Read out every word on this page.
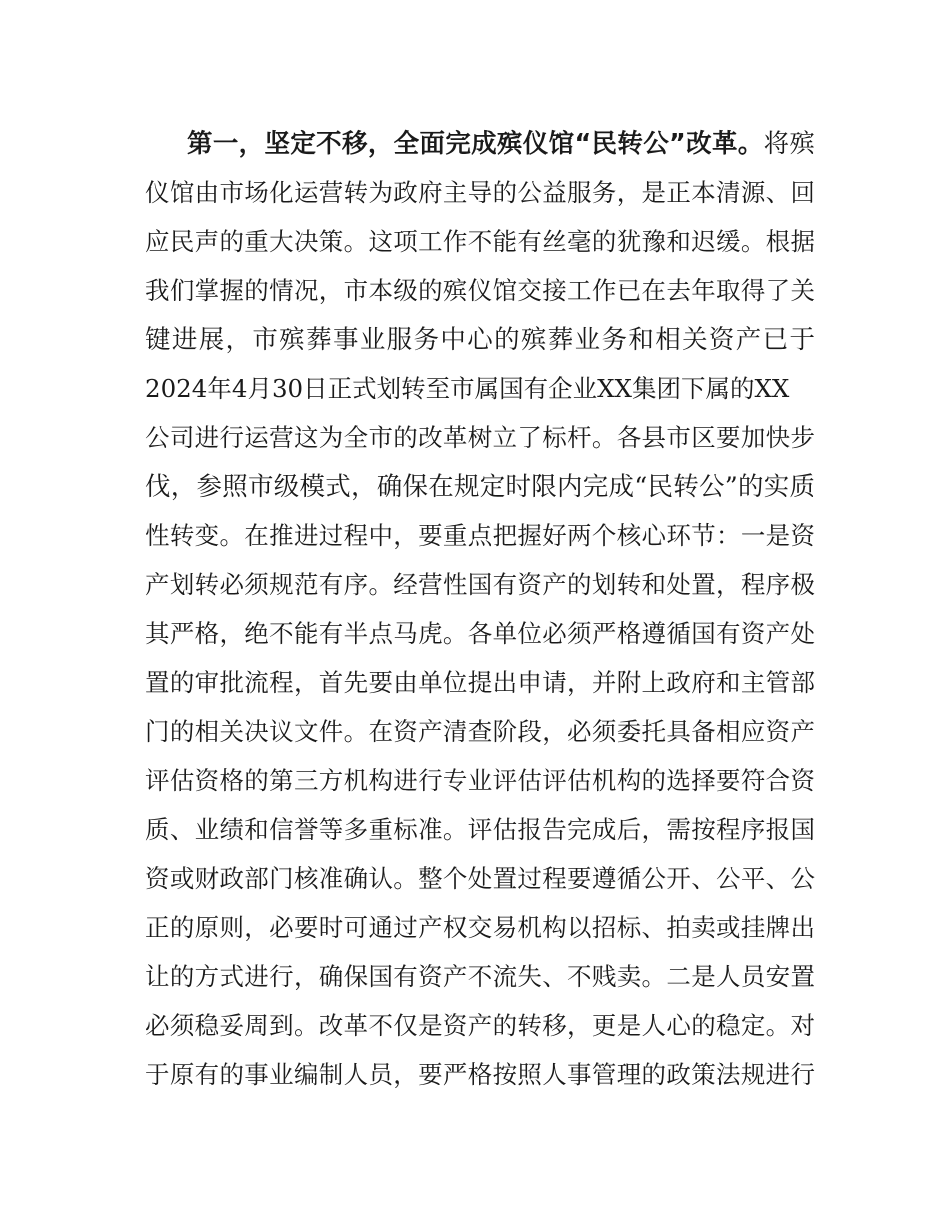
第一，坚定不移，全面完成殡仪馆“民转公”改革。将殡
仪馆由市场化运营转为政府主导的公益服务，是正本清源、回
应民声的重大决策。这项工作不能有丝毫的犹豫和迟缓。根据
我们掌握的情况，市本级的殡仪馆交接工作已在去年取得了关
键进展，市殡葬事业服务中心的殡葬业务和相关资产已于
2024年4月30日正式划转至市属国有企业XX集团下属的XX
公司进行运营这为全市的改革树立了标杆。各县市区要加快步
伐，参照市级模式，确保在规定时限内完成“民转公”的实质
性转变。在推进过程中，要重点把握好两个核心环节：一是资
产划转必须规范有序。经营性国有资产的划转和处置，程序极
其严格，绝不能有半点马虎。各单位必须严格遵循国有资产处
置的审批流程，首先要由单位提出申请，并附上政府和主管部
门的相关决议文件。在资产清查阶段，必须委托具备相应资产
评估资格的第三方机构进行专业评估评估机构的选择要符合资
质、业绩和信誉等多重标准。评估报告完成后，需按程序报国
资或财政部门核准确认。整个处置过程要遵循公开、公平、公
正的原则，必要时可通过产权交易机构以招标、拍卖或挂牌出
让的方式进行，确保国有资产不流失、不贱卖。二是人员安置
必须稳妥周到。改革不仅是资产的转移，更是人心的稳定。对
于原有的事业编制人员，要严格按照人事管理的政策法规进行
